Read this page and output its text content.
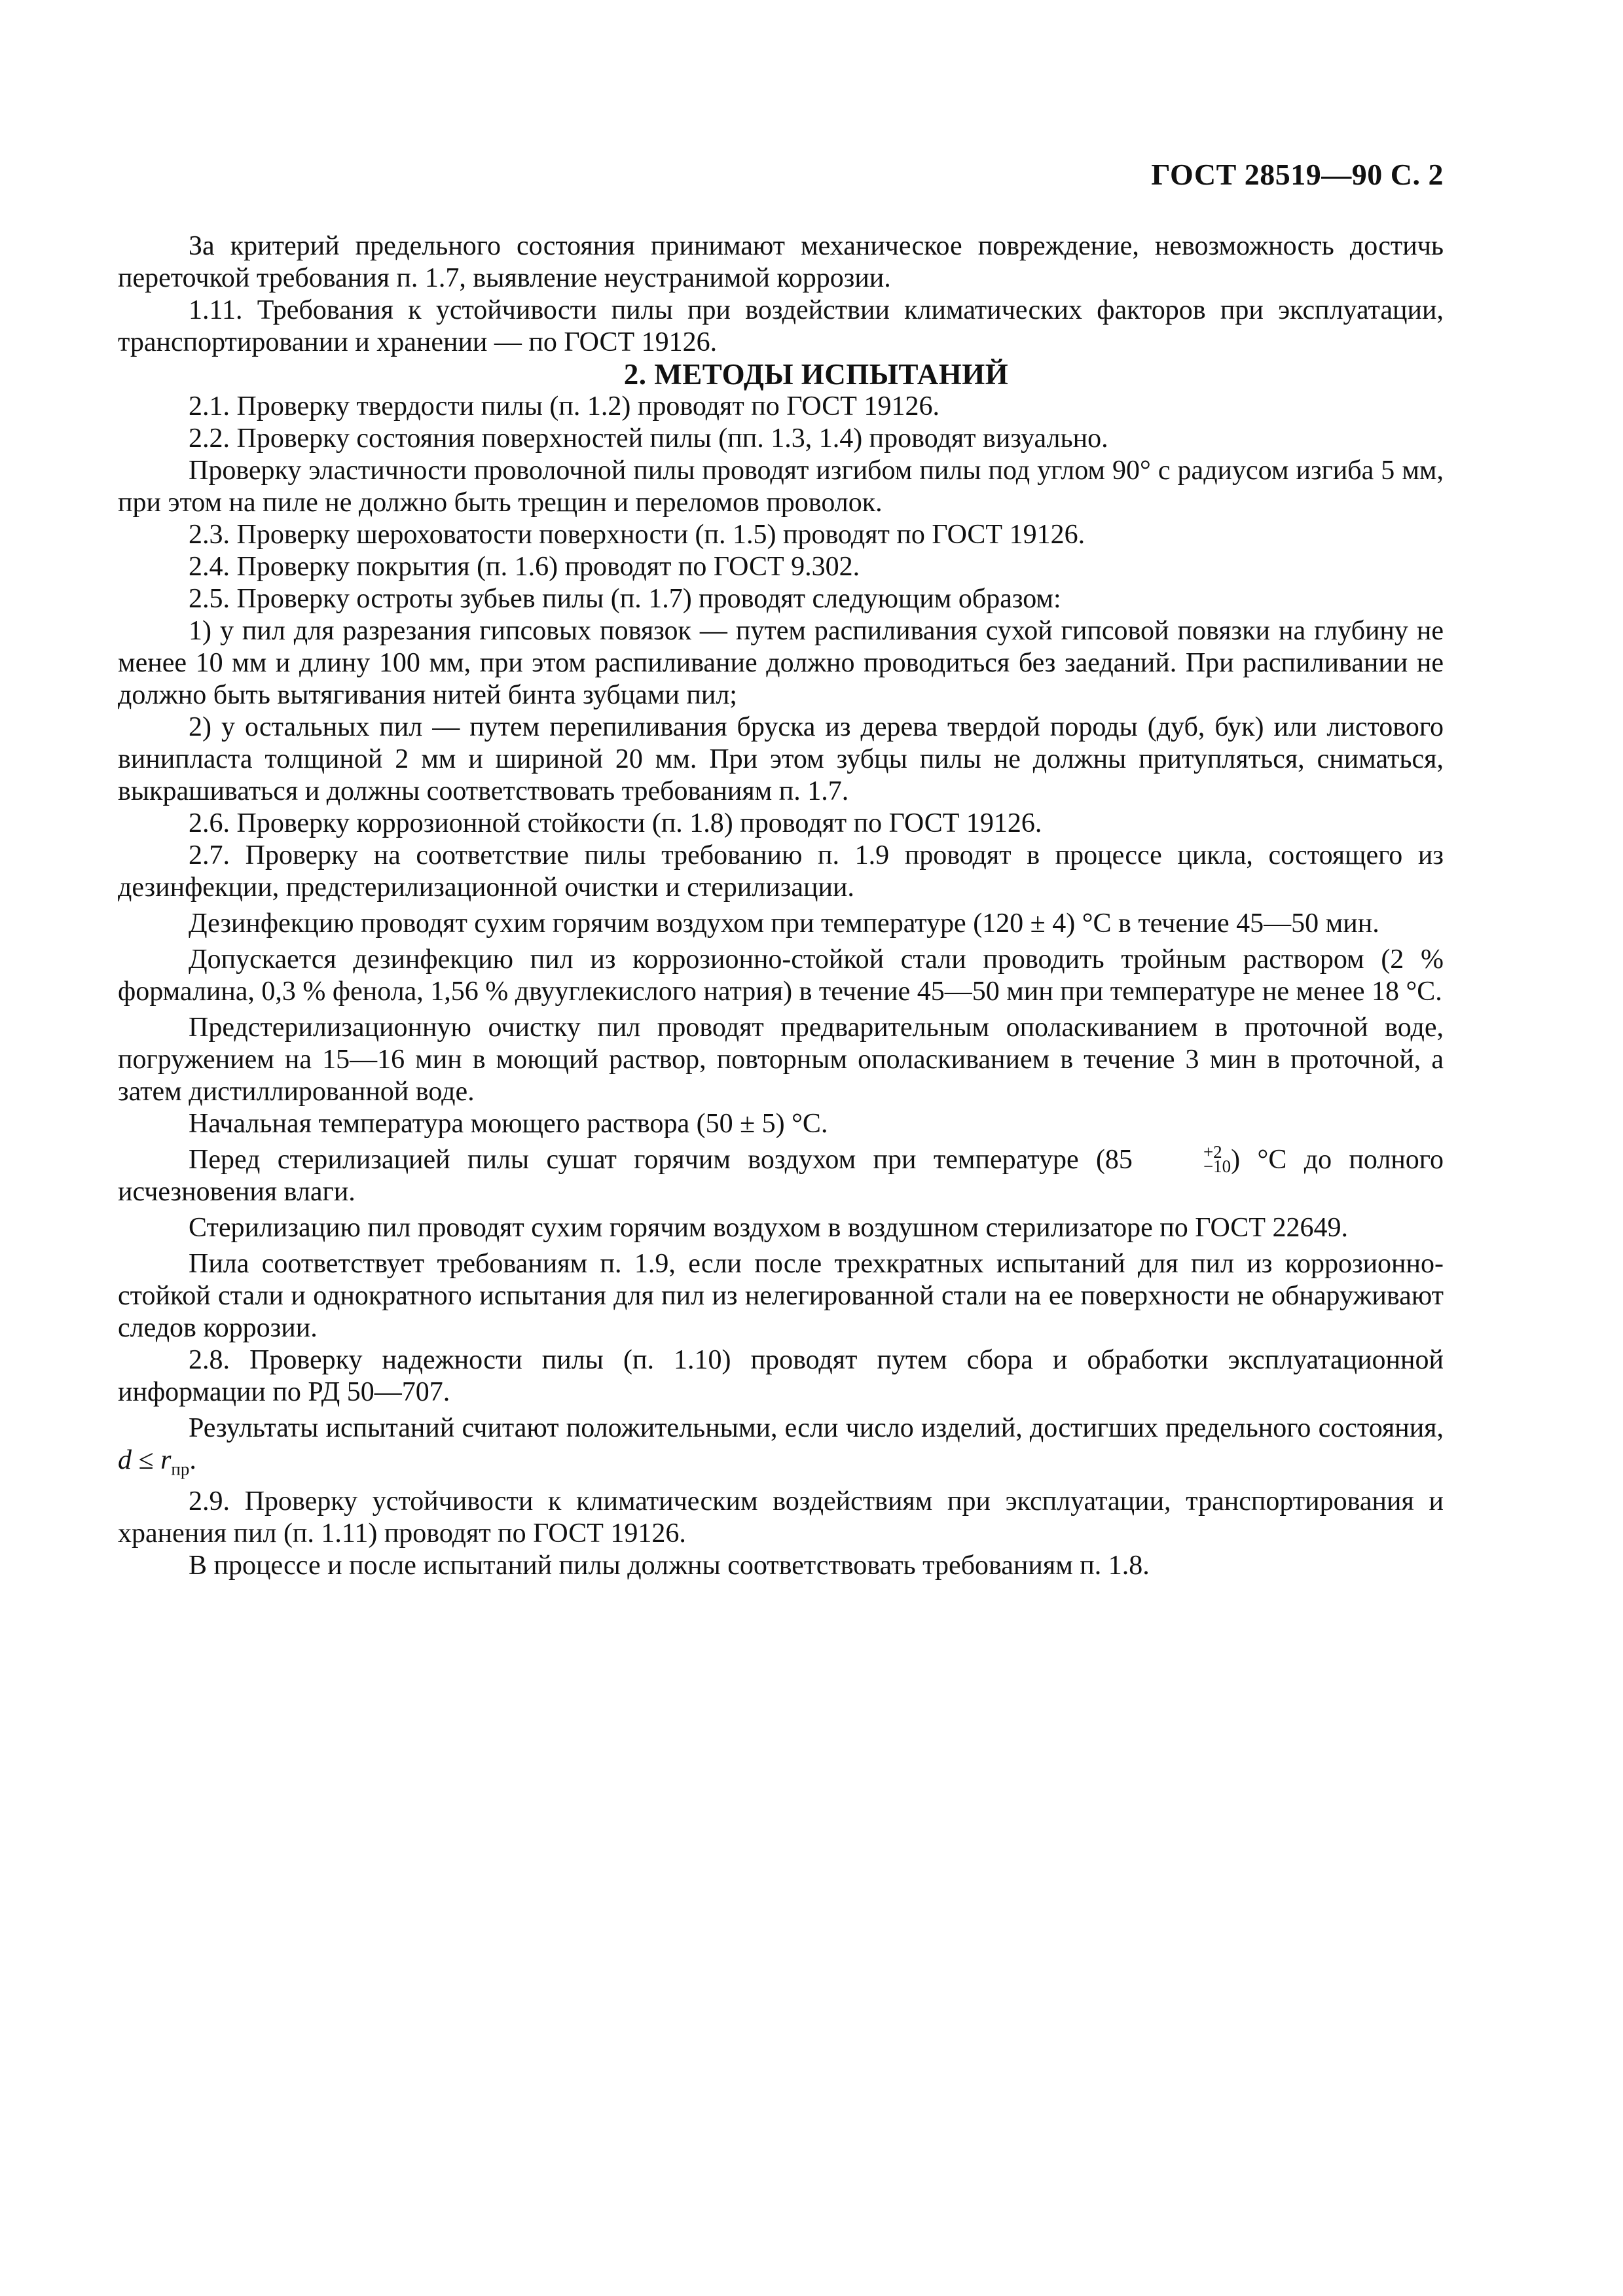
ГОСТ 28519—90 С. 2

За критерий предельного состояния принимают механическое повреждение, невозможность достичь переточкой требования п. 1.7, выявление неустранимой коррозии.

1.11. Требования к устойчивости пилы при воздействии климатических факторов при эксплуатации, транспортировании и хранении — по ГОСТ 19126.

2. МЕТОДЫ ИСПЫТАНИЙ

2.1. Проверку твердости пилы (п. 1.2) проводят по ГОСТ 19126.

2.2. Проверку состояния поверхностей пилы (пп. 1.3, 1.4) проводят визуально.

Проверку эластичности проволочной пилы проводят изгибом пилы под углом 90° с радиусом изгиба 5 мм, при этом на пиле не должно быть трещин и переломов проволок.

2.3. Проверку шероховатости поверхности (п. 1.5) проводят по ГОСТ 19126.

2.4. Проверку покрытия (п. 1.6) проводят по ГОСТ 9.302.

2.5. Проверку остроты зубьев пилы (п. 1.7) проводят следующим образом:

1) у пил для разрезания гипсовых повязок — путем распиливания сухой гипсовой повязки на глубину не менее 10 мм и длину 100 мм, при этом распиливание должно проводиться без заеданий. При распиливании не должно быть вытягивания нитей бинта зубцами пил;

2) у остальных пил — путем перепиливания бруска из дерева твердой породы (дуб, бук) или листового винипласта толщиной 2 мм и шириной 20 мм. При этом зубцы пилы не должны притупляться, сниматься, выкрашиваться и должны соответствовать требованиям п. 1.7.

2.6. Проверку коррозионной стойкости (п. 1.8) проводят по ГОСТ 19126.

2.7. Проверку на соответствие пилы требованию п. 1.9 проводят в процессе цикла, состоящего из дезинфекции, предстерилизационной очистки и стерилизации.

Дезинфекцию проводят сухим горячим воздухом при температуре (120 ± 4) °С в течение 45—50 мин.

Допускается дезинфекцию пил из коррозионно-стойкой стали проводить тройным раствором (2 % формалина, 0,3 % фенола, 1,56 % двууглекислого натрия) в течение 45—50 мин при температуре не менее 18 °С.

Предстерилизационную очистку пил проводят предварительным ополаскиванием в проточной воде, погружением на 15—16 мин в моющий раствор, повторным ополаскиванием в течение 3 мин в проточной, а затем дистиллированной воде.

Начальная температура моющего раствора (50 ± 5) °С.

Перед стерилизацией пилы сушат горячим воздухом при температуре (85	+2
−10 ) °С до полного исчезновения влаги.

Стерилизацию пил проводят сухим горячим воздухом в воздушном стерилизаторе по ГОСТ 22649.

Пила соответствует требованиям п. 1.9, если после трехкратных испытаний для пил из коррозионно-стойкой стали и однократного испытания для пил из нелегированной стали на ее поверхности не обнаруживают следов коррозии.

2.8. Проверку надежности пилы (п. 1.10) проводят путем сбора и обработки эксплуатационной информации по РД 50—707.

Результаты испытаний считают положительными, если число изделий, достигших предельного состояния, $d \le r_{пр}$.

2.9. Проверку устойчивости к климатическим воздействиям при эксплуатации, транспортирования и хранения пил (п. 1.11) проводят по ГОСТ 19126.

В процессе и после испытаний пилы должны соответствовать требованиям п. 1.8.
